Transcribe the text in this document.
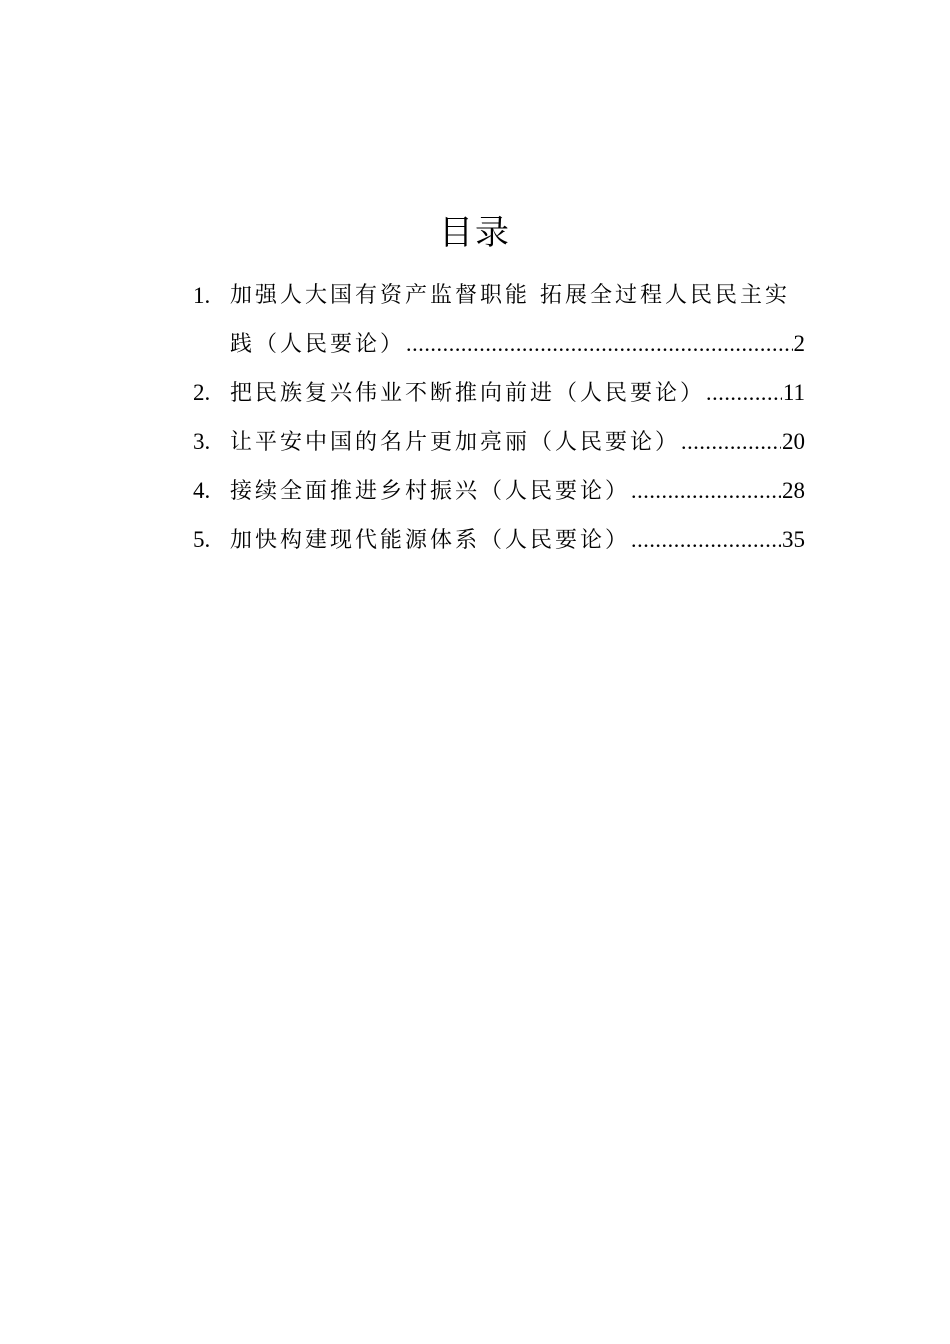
目录
1. 加强人大国有资产监督职能 拓展全过程人民民主实
践（人民要论） .....	2
2. 把民族复兴伟业不断推向前进（人民要论） .....	11
3. 让平安中国的名片更加亮丽（人民要论） .....	20
4. 接续全面推进乡村振兴（人民要论） .....	28
5. 加快构建现代能源体系（人民要论） .....	35
